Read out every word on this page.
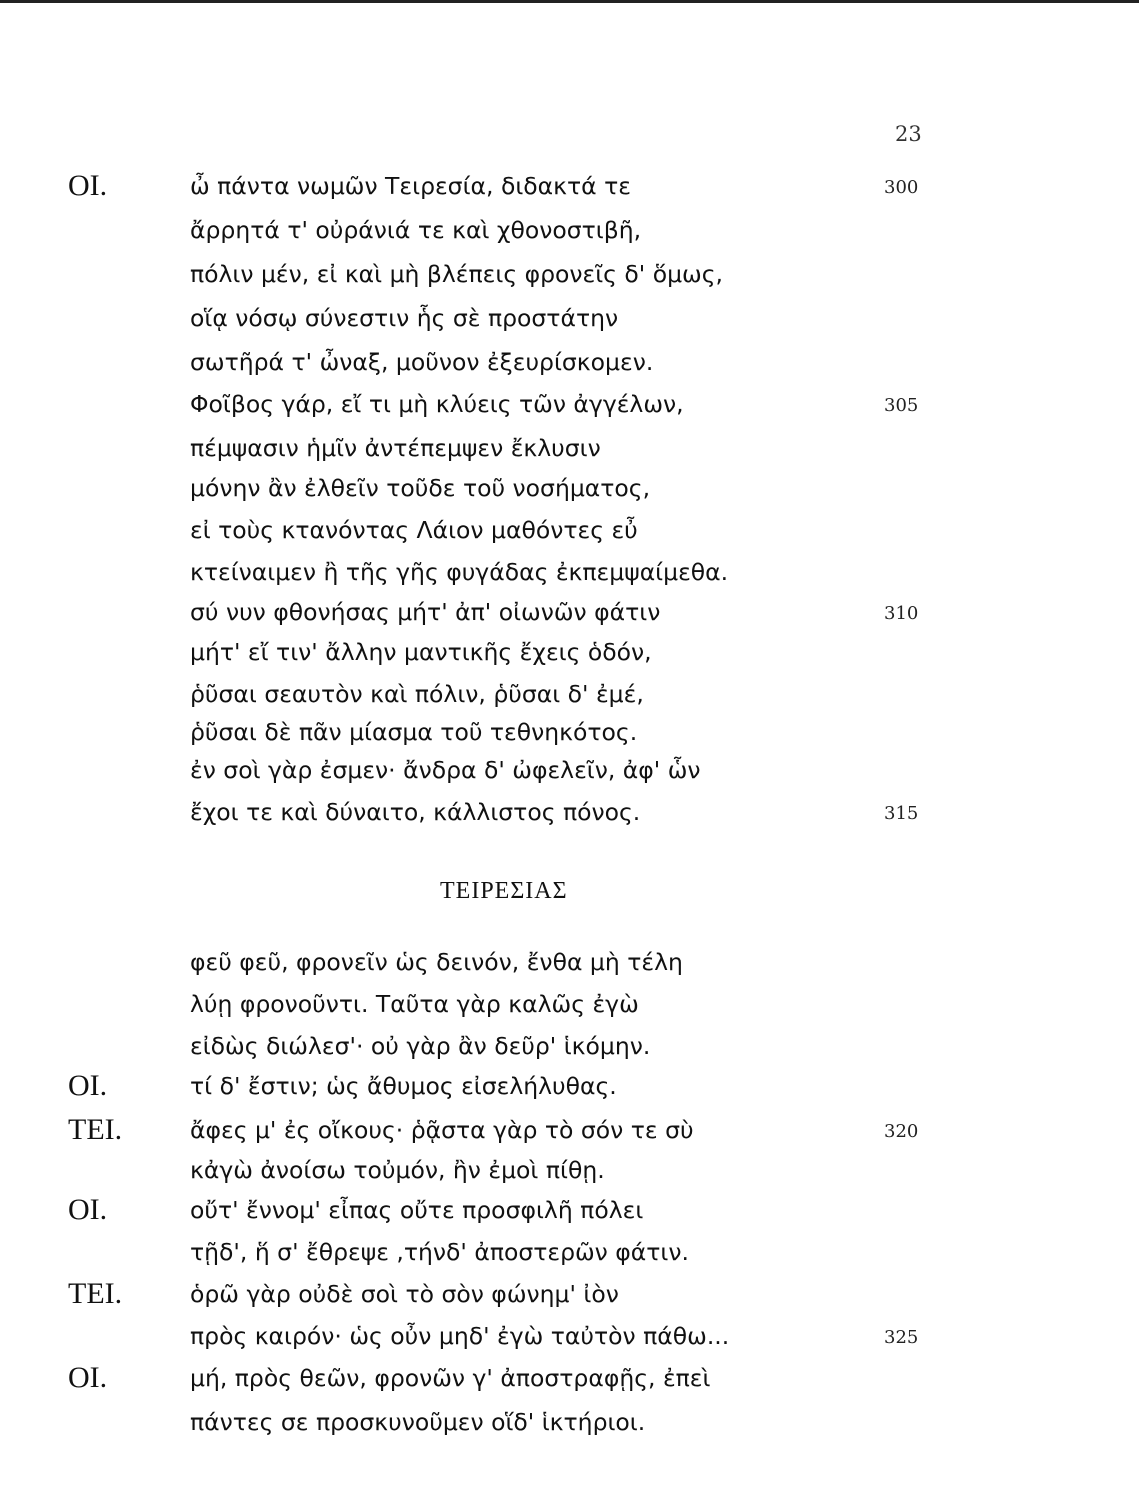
23
ΟΙ.	ὦ πάντα νωμῶν Τειρεσία, διδακτά τε	300
ἄρρητά τ' οὐράνιά τε καὶ χθονοστιβῆ,
πόλιν μέν, εἰ καὶ μὴ βλέπεις φρονεῖς δ' ὅμως,
οἵᾳ νόσῳ σύνεστιν ἧς σὲ προστάτην
σωτῆρά τ' ὦναξ, μοῦνον ἐξευρίσκομεν.
Φοῖβος γάρ, εἴ τι μὴ κλύεις τῶν ἀγγέλων,	305
πέμψασιν ἡμῖν ἀντέπεμψεν ἔκλυσιν
μόνην ἂν ἐλθεῖν τοῦδε τοῦ νοσήματος,
εἰ τοὺς κτανόντας Λάιον μαθόντες εὖ
κτείναιμεν ἢ τῆς γῆς φυγάδας ἐκπεμψαίμεθα.
σύ νυν φθονήσας μήτ' ἀπ' οἰωνῶν φάτιν	310
μήτ' εἴ τιν' ἄλλην μαντικῆς ἔχεις ὁδόν,
ῥῦσαι σεαυτὸν καὶ πόλιν, ῥῦσαι δ' ἐμέ,
ῥῦσαι δὲ πᾶν μίασμα τοῦ τεθνηκότος.
ἐν σοὶ γὰρ ἐσμεν· ἄνδρα δ' ὠφελεῖν, ἀφ' ὧν
ἔχοι τε καὶ δύναιτο, κάλλιστος πόνος.	315
ΤΕΙΡΕΣΙΑΣ
φεῦ φεῦ, φρονεῖν ὡς δεινόν, ἔνθα μὴ τέλη
λύῃ φρονοῦντι. Ταῦτα γὰρ καλῶς ἐγὼ
εἰδὼς διώλεσ'· οὐ γὰρ ἂν δεῦρ' ἱκόμην.
ΟΙ.	τί δ' ἔστιν; ὡς ἄθυμος εἰσελήλυθας.
ΤΕΙ.	ἄφες μ' ἐς οἴκους· ῥᾷστα γὰρ τὸ σόν τε σὺ	320
κἀγὼ ἀνοίσω τοὐμόν, ἢν ἐμοὶ πίθῃ.
ΟΙ.	οὔτ' ἔννομ' εἶπας οὔτε προσφιλῆ πόλει
τῇδ', ἥ σ' ἔθρεψε ,τήνδ' ἀποστερῶν φάτιν.
ΤΕΙ.	ὁρῶ γὰρ οὐδὲ σοὶ τὸ σὸν φώνημ' ἰὸν
πρὸς καιρόν· ὡς οὖν μηδ' ἐγὼ ταὐτὸν πάθω...	325
ΟΙ.	μή, πρὸς θεῶν, φρονῶν γ' ἀποστραφῇς, ἐπεὶ
πάντες σε προσκυνοῦμεν οἵδ' ἱκτήριοι.
